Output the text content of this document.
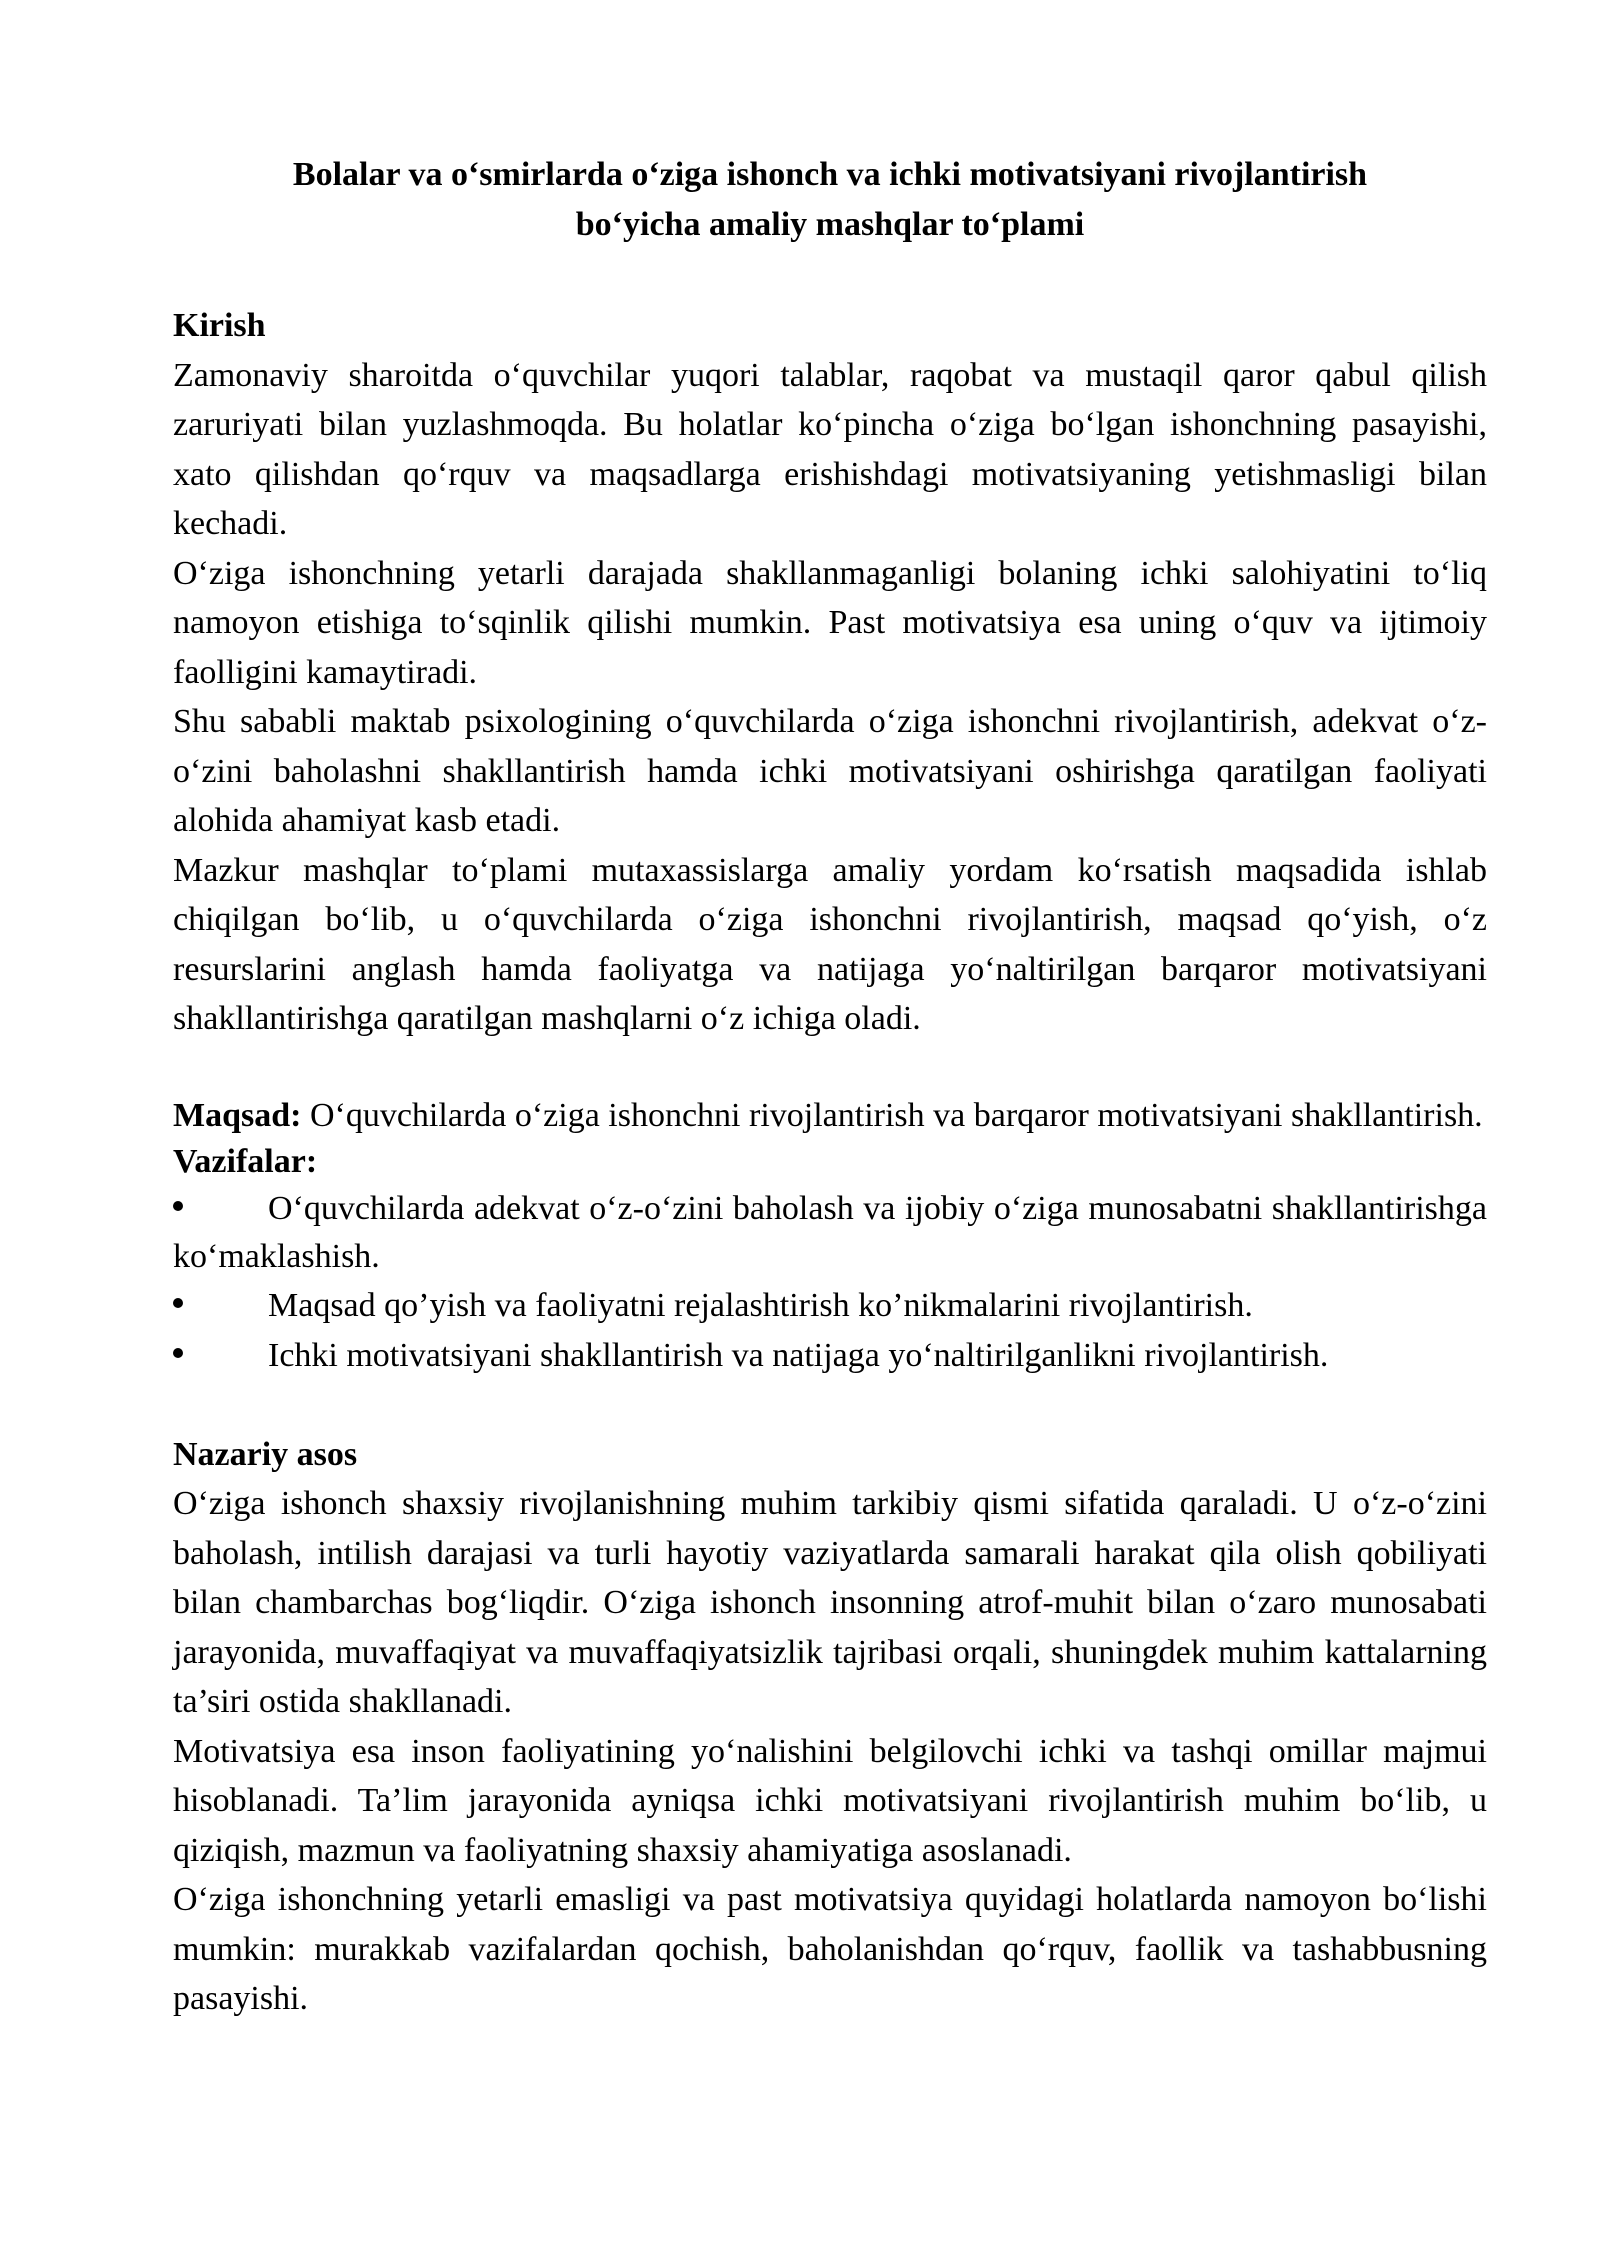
Bolalar va o‘smirlarda o‘ziga ishonch va ichki motivatsiyani rivojlantirish
bo‘yicha amaliy mashqlar to‘plami

Kirish

Zamonaviy sharoitda o‘quvchilar yuqori talablar, raqobat va mustaqil qaror qabul qilish zaruriyati bilan yuzlashmoqda. Bu holatlar ko‘pincha o‘ziga bo‘lgan ishonchning pasayishi, xato qilishdan qo‘rquv va maqsadlarga erishishdagi motivatsiyaning yetishmasligi bilan kechadi.

O‘ziga ishonchning yetarli darajada shakllanmaganligi bolaning ichki salohiyatini to‘liq namoyon etishiga to‘sqinlik qilishi mumkin. Past motivatsiya esa uning o‘quv va ijtimoiy faolligini kamaytiradi.

Shu sababli maktab psixologining o‘quvchilarda o‘ziga ishonchni rivojlantirish, adekvat o‘z-o‘zini baholashni shakllantirish hamda ichki motivatsiyani oshirishga qaratilgan faoliyati alohida ahamiyat kasb etadi.

Mazkur mashqlar to‘plami mutaxassislarga amaliy yordam ko‘rsatish maqsadida ishlab chiqilgan bo‘lib, u o‘quvchilarda o‘ziga ishonchni rivojlantirish, maqsad qo‘yish, o‘z resurslarini anglash hamda faoliyatga va natijaga yo‘naltirilgan barqaror motivatsiyani shakllantirishga qaratilgan mashqlarni o‘z ichiga oladi.

Maqsad: O‘quvchilarda o‘ziga ishonchni rivojlantirish va barqaror motivatsiyani shakllantirish.

Vazifalar:

O‘quvchilarda adekvat o‘z-o‘zini baholash va ijobiy o‘ziga munosabatni shakllantirishga ko‘maklashish.

Maqsad qo’yish va faoliyatni rejalashtirish ko’nikmalarini rivojlantirish.

Ichki motivatsiyani shakllantirish va natijaga yo‘naltirilganlikni rivojlantirish.

Nazariy asos

O‘ziga ishonch shaxsiy rivojlanishning muhim tarkibiy qismi sifatida qaraladi. U o‘z-o‘zini baholash, intilish darajasi va turli hayotiy vaziyatlarda samarali harakat qila olish qobiliyati bilan chambarchas bog‘liqdir. O‘ziga ishonch insonning atrof-muhit bilan o‘zaro munosabati jarayonida, muvaffaqiyat va muvaffaqiyatsizlik tajribasi orqali, shuningdek muhim kattalarning ta’siri ostida shakllanadi.

Motivatsiya esa inson faoliyatining yo‘nalishini belgilovchi ichki va tashqi omillar majmui hisoblanadi. Ta’lim jarayonida ayniqsa ichki motivatsiyani rivojlantirish muhim bo‘lib, u qiziqish, mazmun va faoliyatning shaxsiy ahamiyatiga asoslanadi.

O‘ziga ishonchning yetarli emasligi va past motivatsiya quyidagi holatlarda namoyon bo‘lishi mumkin: murakkab vazifalardan qochish, baholanishdan qo‘rquv, faollik va tashabbusning pasayishi.
